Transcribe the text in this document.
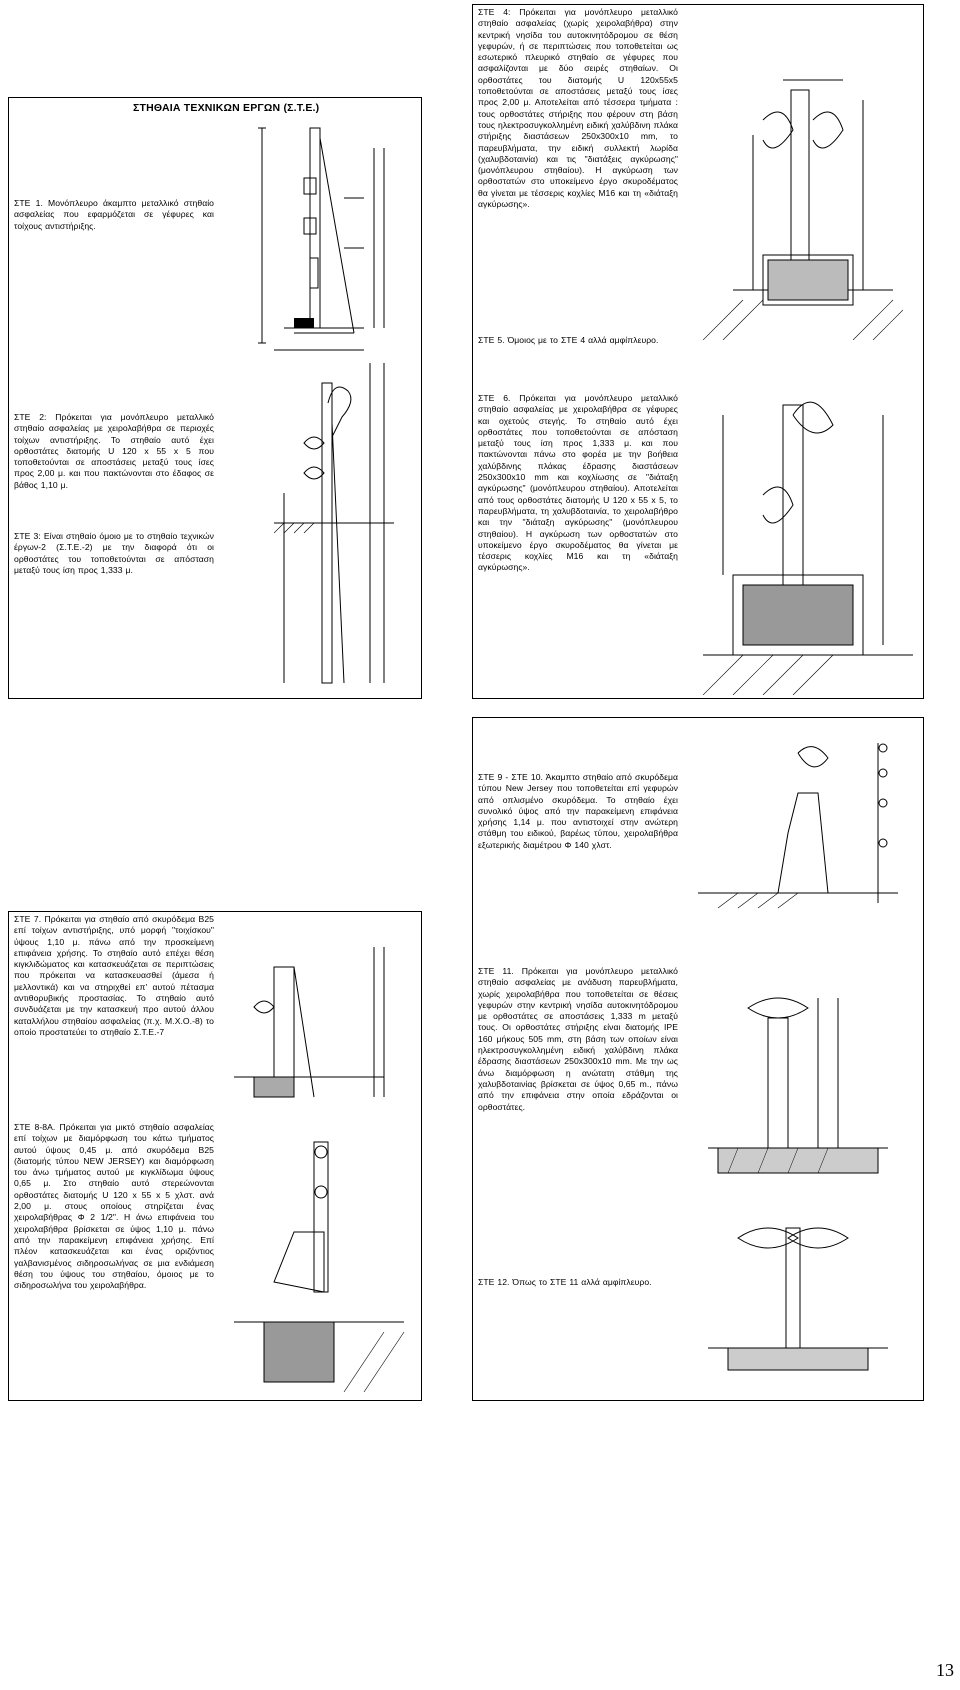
ΣΤΗΘΑΙΑ ΤΕΧΝΙΚΩΝ ΕΡΓΩΝ (Σ.Τ.Ε.)
ΣΤΕ 1. Μονόπλευρο άκαμπτο μεταλλικό στηθαίο ασφαλείας που εφαρμόζεται σε γέφυρες και τοίχους αντιστήριξης.
ΣΤΕ 2: Πρόκειται για μονόπλευρο μεταλλικό στηθαίο ασφαλείας με χειρολαβήθρα σε περιοχές τοίχων αντιστήριξης. Το στηθαίο αυτό έχει ορθοστάτες διατομής U 120 x 55 x 5 που τοποθετούνται σε αποστάσεις μεταξύ τους ίσες προς 2,00 μ. και που πακτώνονται στο έδαφος σε βάθος 1,10 μ.
ΣΤΕ 3: Είναι στηθαίο όμοιο με το στηθαίο τεχνικών έργων-2 (Σ.Τ.Ε.-2) με την διαφορά ότι οι ορθοστάτες του τοποθετούνται σε απόσταση μεταξύ τους ίση προς 1,333 μ.
ΣΤΕ 4: Πρόκειται για μονόπλευρο μεταλλικό στηθαίο ασφαλείας (χωρίς χειρολαβήθρα) στην κεντρική νησίδα του αυτοκινητόδρομου σε θέση γεφυρών, ή σε περιπτώσεις που τοποθετείται ως εσωτερικό πλευρικό στηθαίο σε γέφυρες που ασφαλίζονται με δύο σειρές στηθαίων. Οι ορθοστάτες του διατομής U 120x55x5 τοποθετούνται σε αποστάσεις μεταξύ τους ίσες προς 2,00 μ. Αποτελείται από τέσσερα τμήματα : τους ορθοστάτες στήριξης που φέρουν στη βάση τους ηλεκτροσυγκολλημένη ειδική χαλύβδινη πλάκα στήριξης διαστάσεων 250x300x10 mm, το παρευβλήματα, την ειδική συλλεκτή λωρίδα (χαλυβδοταινία) και τις "διατάξεις αγκύρωσης" (μονόπλευρου στηθαίου). Η αγκύρωση των ορθοστατών στο υποκείμενο έργο σκυροδέματος θα γίνεται με τέσσερις κοχλίες Μ16 και τη «διάταξη αγκύρωσης».
ΣΤΕ 5. Όμοιος με το ΣΤΕ 4 αλλά αμφίπλευρο.
ΣΤΕ 6. Πρόκειται για μονόπλευρο μεταλλικό στηθαίο ασφαλείας με χειρολαβήθρα σε γέφυρες και οχετούς στεγής. Το στηθαίο αυτό έχει ορθοστάτες που τοποθετούνται σε απόσταση μεταξύ τους ίση προς 1,333 μ. και που πακτώνονται πάνω στο φορέα με την βοήθεια χαλύβδινης πλάκας έδρασης διαστάσεων 250x300x10 mm και κοχλίωσης σε "διάταξη αγκύρωσης" (μονόπλευρου στηθαίου). Αποτελείται από τους ορθοστάτες διατομής U 120 x 55 x 5, το παρευβλήματα, τη χαλυβδοταινία, το χειρολαβήθρο και την "διάταξη αγκύρωσης" (μονόπλευρου στηθαίου). Η αγκύρωση των ορθοστατών στο υποκείμενο έργο σκυροδέματος θα γίνεται με τέσσερις κοχλίες Μ16 και τη «διάταξη αγκύρωσης».
ΣΤΕ 7. Πρόκειται για στηθαίο από σκυρόδεμα Β25 επί τοίχων αντιστήριξης, υπό μορφή "τοιχίσκου" ύψους 1,10 μ. πάνω από την προσκείμενη επιφάνεια χρήσης. Το στηθαίο αυτό επέχει θέση κιγκλιδώματος και κατασκευάζεται σε περιπτώσεις που πρόκειται να κατασκευασθεί (άμεσα ή μελλοντικά) και να στηριχθεί επ' αυτού πέτασμα αντιθορυβικής προστασίας. Το στηθαίο αυτό συνδυάζεται με την κατασκευή προ αυτού άλλου καταλλήλου στηθαίου ασφαλείας (π.χ. Μ.Χ.Ο.-8) το οποίο προστατεύει το στηθαίο Σ.Τ.Ε.-7
ΣΤΕ 8-8Α. Πρόκειται για μικτό στηθαίο ασφαλείας επί τοίχων με διαμόρφωση του κάτω τμήματος αυτού ύψους 0,45 μ. από σκυρόδεμα Β25 (διατομής τύπου NEW JERSEY) και διαμόρφωση του άνω τμήματος αυτού με κιγκλίδωμα ύψους 0,65 μ. Στο στηθαίο αυτό στερεώνονται ορθοστάτες διατομής U 120 x 55 x 5 χλστ. ανά 2,00 μ. στους οποίους στηρίζεται ένας χειρολαβήθρας Φ 2 1/2". Η άνω επιφάνεια του χειρολαβήθρα βρίσκεται σε ύψος 1,10 μ. πάνω από την παρακείμενη επιφάνεια χρήσης. Επί πλέον κατασκευάζεται και ένας οριζόντιος γαλβανισμένος σιδηροσωλήνας σε μια ενδιάμεση θέση του ύψους του στηθαίου, όμοιος με το σιδηροσωλήνα του χειρολαβήθρα.
ΣΤΕ 9 - ΣΤΕ 10. Άκαμπτο στηθαίο από σκυρόδεμα τύπου New Jersey που τοποθετείται επί γεφυρών από οπλισμένο σκυρόδεμα. Το στηθαίο έχει συνολικό ύψος από την παρακείμενη επιφάνεια χρήσης 1,14 μ. που αντιστοιχεί στην ανώτερη στάθμη του ειδικού, βαρέως τύπου, χειρολαβήθρα εξωτερικής διαμέτρου Φ 140 χλστ.
ΣΤΕ 11. Πρόκειται για μονόπλευρο μεταλλικό στηθαίο ασφαλείας με ανάδυση παρευβλήματα, χωρίς χειρολαβήθρα που τοποθετείται σε θέσεις γεφυρών στην κεντρική νησίδα αυτοκινητόδρομου με ορθοστάτες σε αποστάσεις 1,333 m μεταξύ τους. Οι ορθοστάτες στήριξης είναι διατομής IPE 160 μήκους 505 mm, στη βάση των οποίων είναι ηλεκτροσυγκολλημένη ειδική χαλύβδινη πλάκα έδρασης διαστάσεων 250x300x10 mm. Με την ως άνω διαμόρφωση η ανώτατη στάθμη της χαλυβδοταινίας βρίσκεται σε ύψος 0,65 m., πάνω από την επιφάνεια στην οποία εδράζονται οι ορθοστάτες.
ΣΤΕ 12. Όπως το ΣΤΕ 11 αλλά αμφίπλευρο.
13
